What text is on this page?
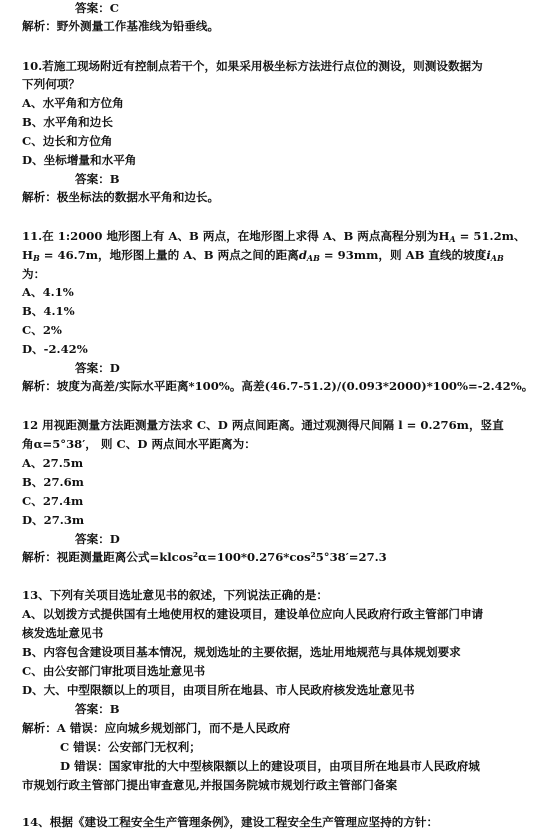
答案：C
解析：野外测量工作基准线为铅垂线。
10.若施工现场附近有控制点若干个，如果采用极坐标方法进行点位的测设，则测设数据为
下列何项？
A、水平角和方位角
B、水平角和边长
C、边长和方位角
D、坐标增量和水平角
答案：B
解析：极坐标法的数据水平角和边长。
11.在 1:2000 地形图上有 A、B 两点，在地形图上求得 A、B 两点高程分别为$H_A = 51.2m$、
$H_B = 46.7m$，地形图上量的 A、B 两点之间的距离$d_{AB} = 93mm$，则 AB 直线的坡度$i_{AB}$
为：
A、4.1%
B、4.1%
C、2%
D、-2.42%
答案：D
解析：坡度为高差/实际水平距离*100%。高差(46.7-51.2)/(0.093*2000)*100%=-2.42%。
12 用视距测量方法距测量方法求 C、D 两点间距离。通过观测得尺间隔 l = 0.276m，竖直
角α=5°38′， 则 C、D 两点间水平距离为：
A、27.5m
B、27.6m
C、27.4m
D、27.3m
答案：D
解析：视距测量距离公式=klcos²α=100*0.276*cos²5°38′=27.3
13、下列有关项目选址意见书的叙述，下列说法正确的是：
A、以划拨方式提供国有土地使用权的建设项目，建设单位应向人民政府行政主管部门申请
核发选址意见书
B、内容包含建设项目基本情况，规划选址的主要依据，选址用地规范与具体规划要求
C、由公安部门审批项目选址意见书
D、大、中型限额以上的项目，由项目所在地县、市人民政府核发选址意见书
答案：B
解析：A 错误：应向城乡规划部门，而不是人民政府
C 错误：公安部门无权利；
D 错误：国家审批的大中型核限额以上的建设项目，由项目所在地县市人民政府城
市规划行政主管部门提出审查意见,并报国务院城市规划行政主管部门备案
14、根据《建设工程安全生产管理条例》，建设工程安全生产管理应坚持的方针：
